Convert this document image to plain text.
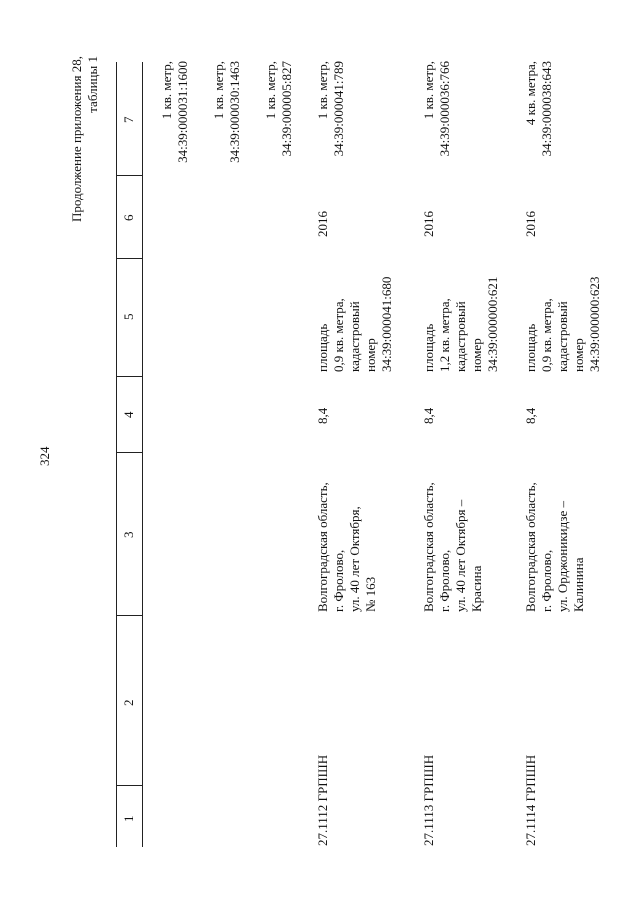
324
Продолжение приложения 28, таблицы 1
1
2
3
4
5
6
7
1 кв. метр, 34:39:000031:1600 1 кв. метр, 34:39:000030:1463 1 кв. метр, 34:39:000005:827
27.1112 ГРПШН
Волгоградская область, г. Фролово, ул. 40 лет Октября, № 163
8,4
площадь 0,9 кв. метра, кадастровый номер 34:39:000041:680
2016
1 кв. метр, 34:39:000041:789
27.1113 ГРПШН
Волгоградская область, г. Фролово, ул. 40 лет Октября – Красина
8,4
площадь 1,2 кв. метра, кадастровый номер 34:39:000000:621
2016
1 кв. метр, 34:39:000036:766
27.1114 ГРПШН
Волгоградская область, г. Фролово, ул. Орджоникидзе – Калинина
8,4
площадь 0,9 кв. метра, кадастровый номер 34:39:000000:623
2016
4 кв. метра, 34:39:000038:643
